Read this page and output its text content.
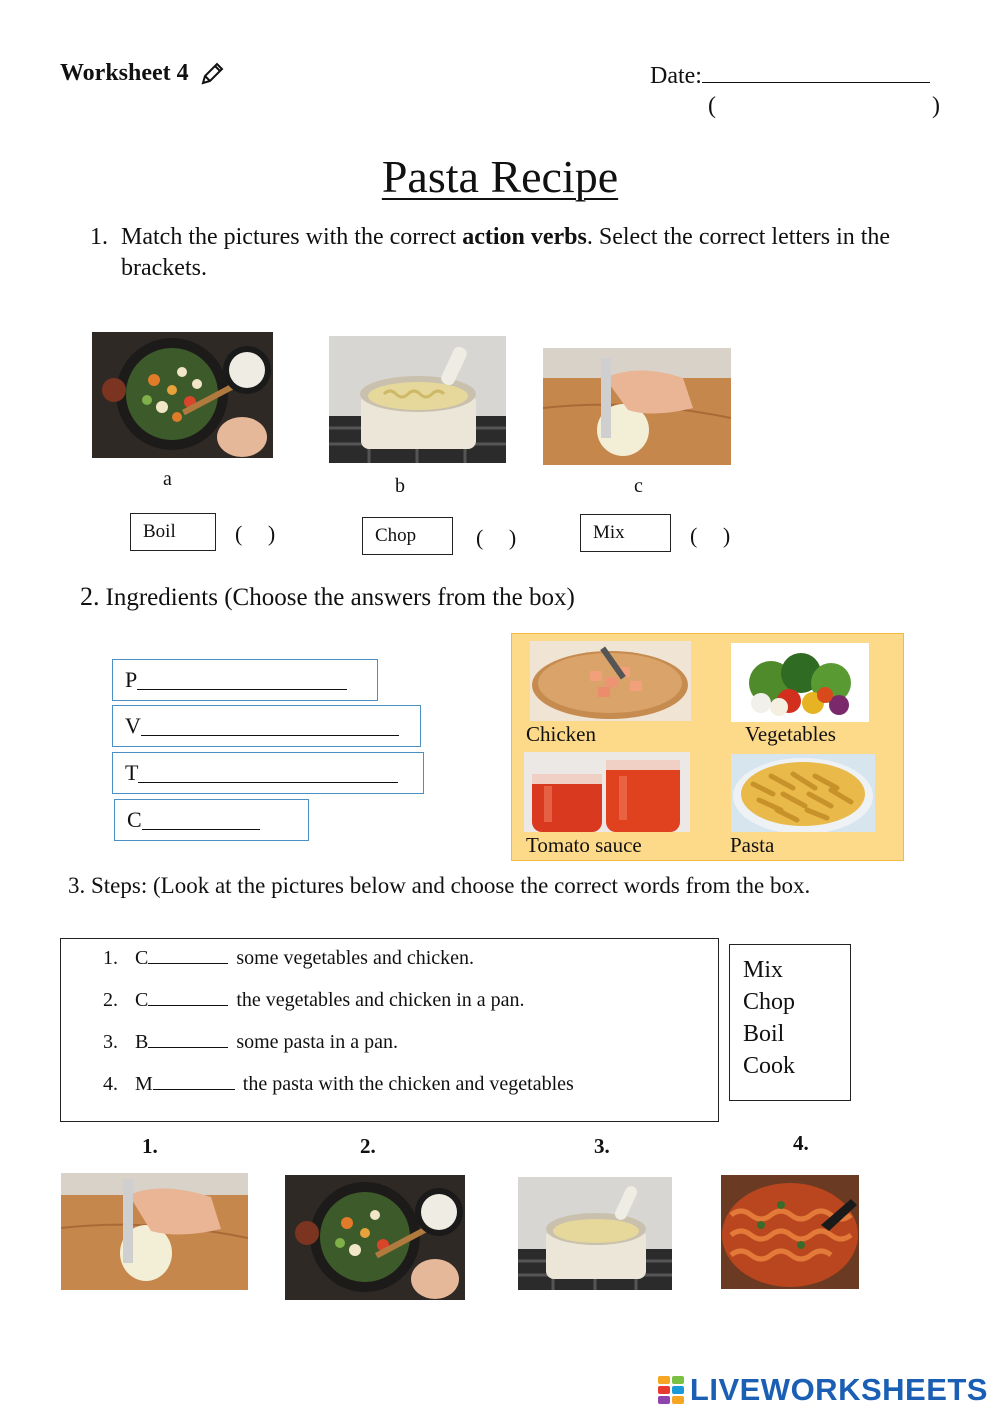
Worksheet 4	Date:
(	)
Pasta Recipe
1. Match the pictures with the correct action verbs. Select the correct letters in the brackets.
a	b	c
Boil	( )	Chop	( )	Mix	( )
2. Ingredients (Choose the answers from the box)
P
V
T
C
Chicken	Vegetables
Tomato sauce	Pasta
3. Steps: (Look at the pictures below and choose the correct words from the box.
1. C	some vegetables and chicken.
2. C	the vegetables and chicken in a pan.
3. B	some pasta in a pan.
4. M	the pasta with the chicken and vegetables
Mix
Chop
Boil
Cook
1.	2.	3.	4.
LIVEWORKSHEETS
